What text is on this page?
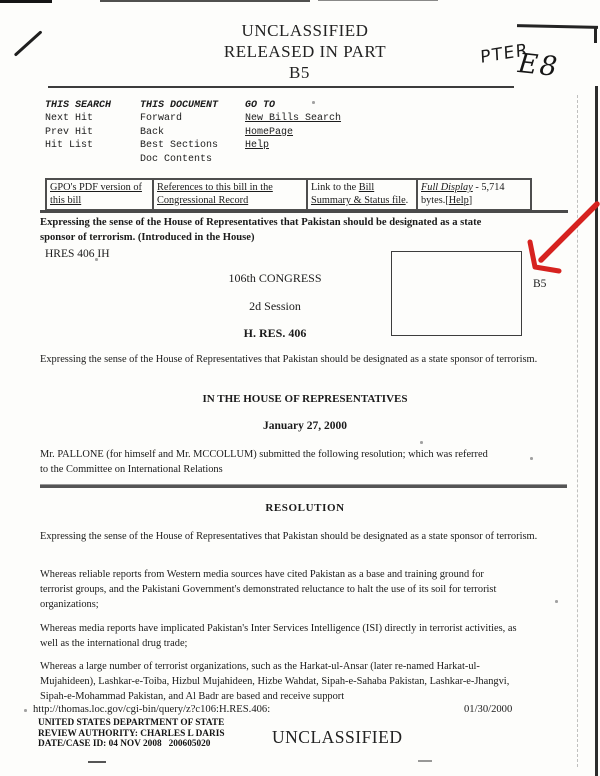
UNCLASSIFIED
RELEASED IN PART
B5
PTER
E8
THIS SEARCH
Next Hit
Prev Hit
Hit List
THIS DOCUMENT
Forward
Back
Best Sections
Doc Contents
GO TO
New Bills Search
HomePage
Help
GPO's PDF version of this bill	References to this bill in the Congressional Record	Link to the Bill Summary & Status file.	Full Display - 5,714 bytes.[Help]
Expressing the sense of the House of Representatives that Pakistan should be designated as a state sponsor of terrorism. (Introduced in the House)
HRES 406 IH
106th CONGRESS
2d Session
H. RES. 406
B5
Expressing the sense of the House of Representatives that Pakistan should be designated as a state sponsor of terrorism.
IN THE HOUSE OF REPRESENTATIVES
January 27, 2000
Mr. PALLONE (for himself and Mr. MCCOLLUM) submitted the following resolution; which was referred to the Committee on International Relations
RESOLUTION
Expressing the sense of the House of Representatives that Pakistan should be designated as a state sponsor of terrorism.
Whereas reliable reports from Western media sources have cited Pakistan as a base and training ground for terrorist groups, and the Pakistani Government's demonstrated reluctance to halt the use of its soil for terrorist organizations;
Whereas media reports have implicated Pakistan's Inter Services Intelligence (ISI) directly in terrorist activities, as well as the international drug trade;
Whereas a large number of terrorist organizations, such as the Harkat-ul-Ansar (later re-named Harkat-ul-Mujahideen), Lashkar-e-Toiba, Hizbul Mujahideen, Hizbe Wahdat, Sipah-e-Sahaba Pakistan, Lashkar-e-Jhangvi, Sipah-e-Mohammad Pakistan, and Al Badr are based and receive support
http://thomas.loc.gov/cgi-bin/query/z?c106:H.RES.406:	01/30/2000
UNITED STATES DEPARTMENT OF STATE
REVIEW AUTHORITY: CHARLES L DARIS
DATE/CASE ID: 04 NOV 2008   200605020	UNCLASSIFIED
